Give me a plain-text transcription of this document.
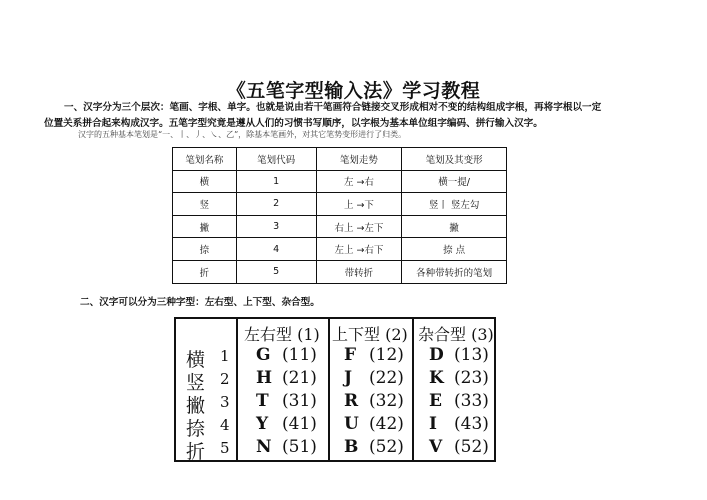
《五笔字型输入法》学习教程
一、汉字分为三个层次：笔画、字根、单字。也就是说由若干笔画符合链接交叉形成相对不变的结构组成字根，再将字根以一定
位置关系拼合起来构成汉字。五笔字型究竟是遵从人们的习惯书写顺序，以字根为基本单位组字编码、拼行输入汉字。
汉字的五种基本笔划是“一、丨、丿、㇏、乙”，除基本笔画外，对其它笔势变形进行了归类。
笔划名称	笔划代码	笔划走势	笔划及其变形
横	1	左 →右	横一提/
竖	2	上 →下	竖丨 竖左勾
撇	3	右上 →左下	撇
捺	4	左上 →右下	捺 点
折	5	带转折	各种带转折的笔划
二、汉字可以分为三种字型：左右型、上下型、杂合型。
左右型 (1) 上下型 (2) 杂合型 (3)
横 1 G (11) F (12) D (13)
竖 2 H (21) J (22) K (23)
撇 3 T (31) R (32) E (33)
捺 4 Y (41) U (42) I (43)
折 5 N (51) B (52) V (52)
